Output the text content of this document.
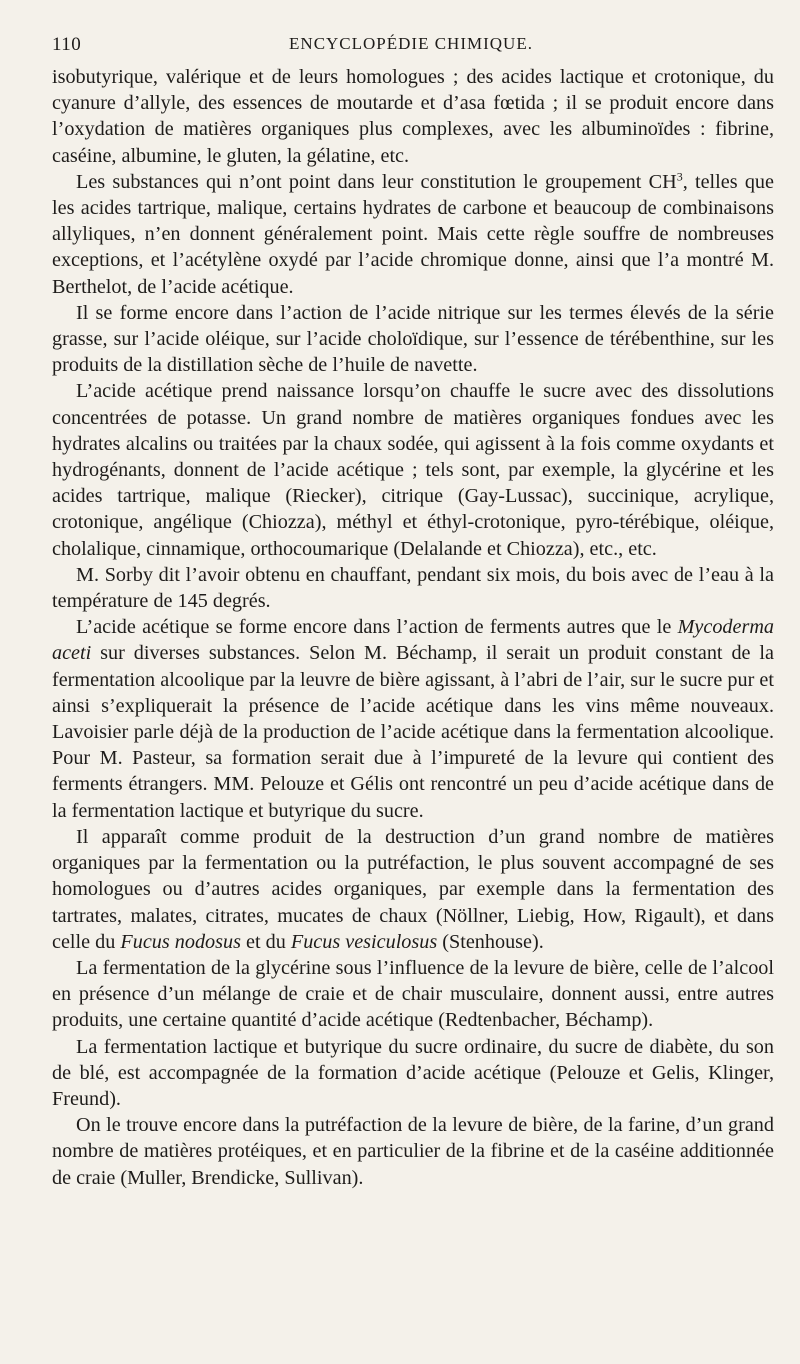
110	ENCYCLOPÉDIE CHIMIQUE.

isobutyrique, valérique et de leurs homologues ; des acides lactique et crotonique, du cyanure d’allyle, des essences de moutarde et d’asa fœtida ; il se produit encore dans l’oxydation de matières organiques plus complexes, avec les albuminoïdes : fibrine, caséine, albumine, le gluten, la gélatine, etc.

Les substances qui n’ont point dans leur constitution le groupement $CH^3$, telles que les acides tartrique, malique, certains hydrates de carbone et beaucoup de combinaisons allyliques, n’en donnent généralement point. Mais cette règle souffre de nombreuses exceptions, et l’acétylène oxydé par l’acide chromique donne, ainsi que l’a montré M. Berthelot, de l’acide acétique.

Il se forme encore dans l’action de l’acide nitrique sur les termes élevés de la série grasse, sur l’acide oléique, sur l’acide choloïdique, sur l’essence de térébenthine, sur les produits de la distillation sèche de l’huile de navette.

L’acide acétique prend naissance lorsqu’on chauffe le sucre avec des dissolutions concentrées de potasse. Un grand nombre de matières organiques fondues avec les hydrates alcalins ou traitées par la chaux sodée, qui agissent à la fois comme oxydants et hydrogénants, donnent de l’acide acétique ; tels sont, par exemple, la glycérine et les acides tartrique, malique (Riecker), citrique (Gay-Lussac), succinique, acrylique, crotonique, angélique (Chiozza), méthyl et éthyl-crotonique, pyro-térébique, oléique, cholalique, cinnamique, orthocoumarique (Delalande et Chiozza), etc., etc.

M. Sorby dit l’avoir obtenu en chauffant, pendant six mois, du bois avec de l’eau à la température de 145 degrés.

L’acide acétique se forme encore dans l’action de ferments autres que le Mycoderma aceti sur diverses substances. Selon M. Béchamp, il serait un produit constant de la fermentation alcoolique par la leuvre de bière agissant, à l’abri de l’air, sur le sucre pur et ainsi s’expliquerait la présence de l’acide acétique dans les vins même nouveaux. Lavoisier parle déjà de la production de l’acide acétique dans la fermentation alcoolique. Pour M. Pasteur, sa formation serait due à l’impureté de la levure qui contient des ferments étrangers. MM. Pelouze et Gélis ont rencontré un peu d’acide acétique dans de la fermentation lactique et butyrique du sucre.

Il apparaît comme produit de la destruction d’un grand nombre de matières organiques par la fermentation ou la putréfaction, le plus souvent accompagné de ses homologues ou d’autres acides organiques, par exemple dans la fermentation des tartrates, malates, citrates, mucates de chaux (Nöllner, Liebig, How, Rigault), et dans celle du Fucus nodosus et du Fucus vesiculosus (Stenhouse).

La fermentation de la glycérine sous l’influence de la levure de bière, celle de l’alcool en présence d’un mélange de craie et de chair musculaire, donnent aussi, entre autres produits, une certaine quantité d’acide acétique (Redtenbacher, Béchamp).

La fermentation lactique et butyrique du sucre ordinaire, du sucre de diabète, du son de blé, est accompagnée de la formation d’acide acétique (Pelouze et Gelis, Klinger, Freund).

On le trouve encore dans la putréfaction de la levure de bière, de la farine, d’un grand nombre de matières protéiques, et en particulier de la fibrine et de la caséine additionnée de craie (Muller, Brendicke, Sullivan).
